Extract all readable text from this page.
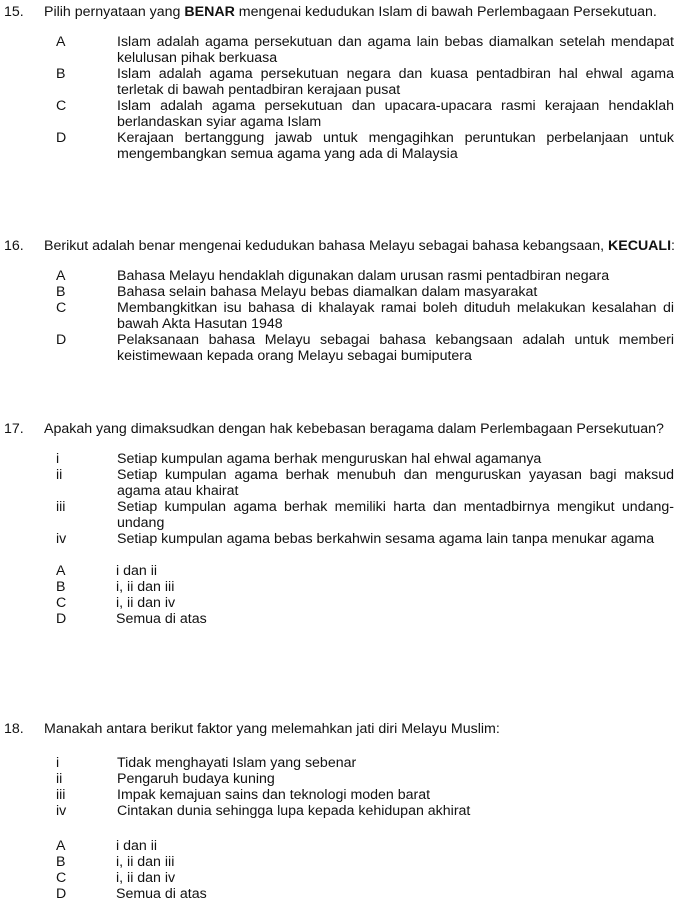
15.	Pilih pernyataan yang BENAR mengenai kedudukan Islam di bawah Perlembagaan Persekutuan.
A	Islam adalah agama persekutuan dan agama lain bebas diamalkan setelah mendapat kelulusan pihak berkuasa
B	Islam adalah agama persekutuan negara dan kuasa pentadbiran hal ehwal agama terletak di bawah pentadbiran kerajaan pusat
C	Islam adalah agama persekutuan dan upacara-upacara rasmi kerajaan hendaklah berlandaskan syiar agama Islam
D	Kerajaan bertanggung jawab untuk mengagihkan peruntukan perbelanjaan untuk mengembangkan semua agama yang ada di Malaysia
16.	Berikut adalah benar mengenai kedudukan bahasa Melayu sebagai bahasa kebangsaan, KECUALI:
A	Bahasa Melayu hendaklah digunakan dalam urusan rasmi pentadbiran negara
B	Bahasa selain bahasa Melayu bebas diamalkan dalam masyarakat
C	Membangkitkan isu bahasa di khalayak ramai boleh dituduh melakukan kesalahan di bawah Akta Hasutan 1948
D	Pelaksanaan bahasa Melayu sebagai bahasa kebangsaan adalah untuk memberi keistimewaan kepada orang Melayu sebagai bumiputera
17.	Apakah yang dimaksudkan dengan hak kebebasan beragama dalam Perlembagaan Persekutuan?
i	Setiap kumpulan agama berhak menguruskan hal ehwal agamanya
ii	Setiap kumpulan agama berhak menubuh dan menguruskan yayasan bagi maksud agama atau khairat
iii	Setiap kumpulan agama berhak memiliki harta dan mentadbirnya mengikut undang-undang
iv	Setiap kumpulan agama bebas berkahwin sesama agama lain tanpa menukar agama
A	i dan ii
B	i, ii dan iii
C	i, ii dan iv
D	Semua di atas
18.	Manakah antara berikut faktor yang melemahkan jati diri Melayu Muslim:
i	Tidak menghayati Islam yang sebenar
ii	Pengaruh budaya kuning
iii	Impak kemajuan sains dan teknologi moden barat
iv	Cintakan dunia sehingga lupa kepada kehidupan akhirat
A	i dan ii
B	i, ii dan iii
C	i, ii dan iv
D	Semua di atas
